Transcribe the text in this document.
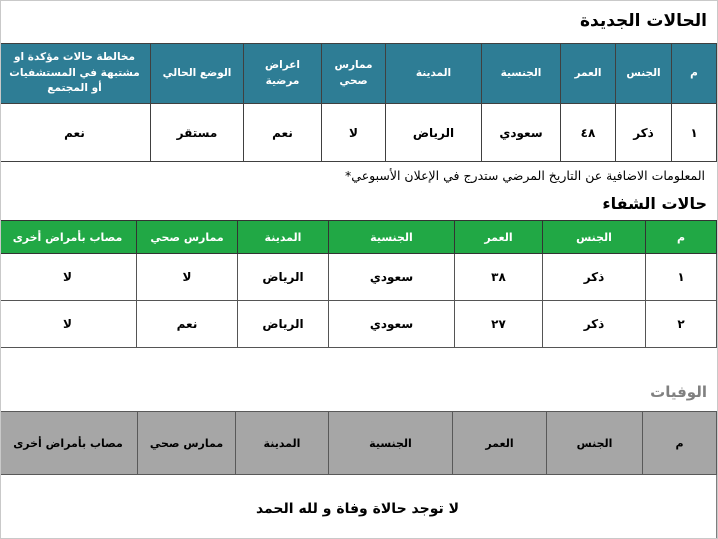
الحالات الجديدة
م	الجنس	العمر	الجنسية	المدينة	ممارس صحي	اعراض مرضية	الوضع الحالي	مخالطة حالات مؤكدة او مشتبهة في المستشفيات أو المجتمع
١	ذكر	٤٨	سعودي	الرياض	لا	نعم	مستقر	نعم
المعلومات الاضافية عن التاريخ المرضي ستدرج في الإعلان الأسبوعي*
حالات الشفاء
م	الجنس	العمر	الجنسية	المدينة	ممارس صحي	مصاب بأمراض أخرى
١	ذكر	٣٨	سعودي	الرياض	لا	لا
٢	ذكر	٢٧	سعودي	الرياض	نعم	لا
الوفيات
م	الجنس	العمر	الجنسية	المدينة	ممارس صحي	مصاب بأمراض أخرى
لا توجد حالاة وفاة و لله الحمد
